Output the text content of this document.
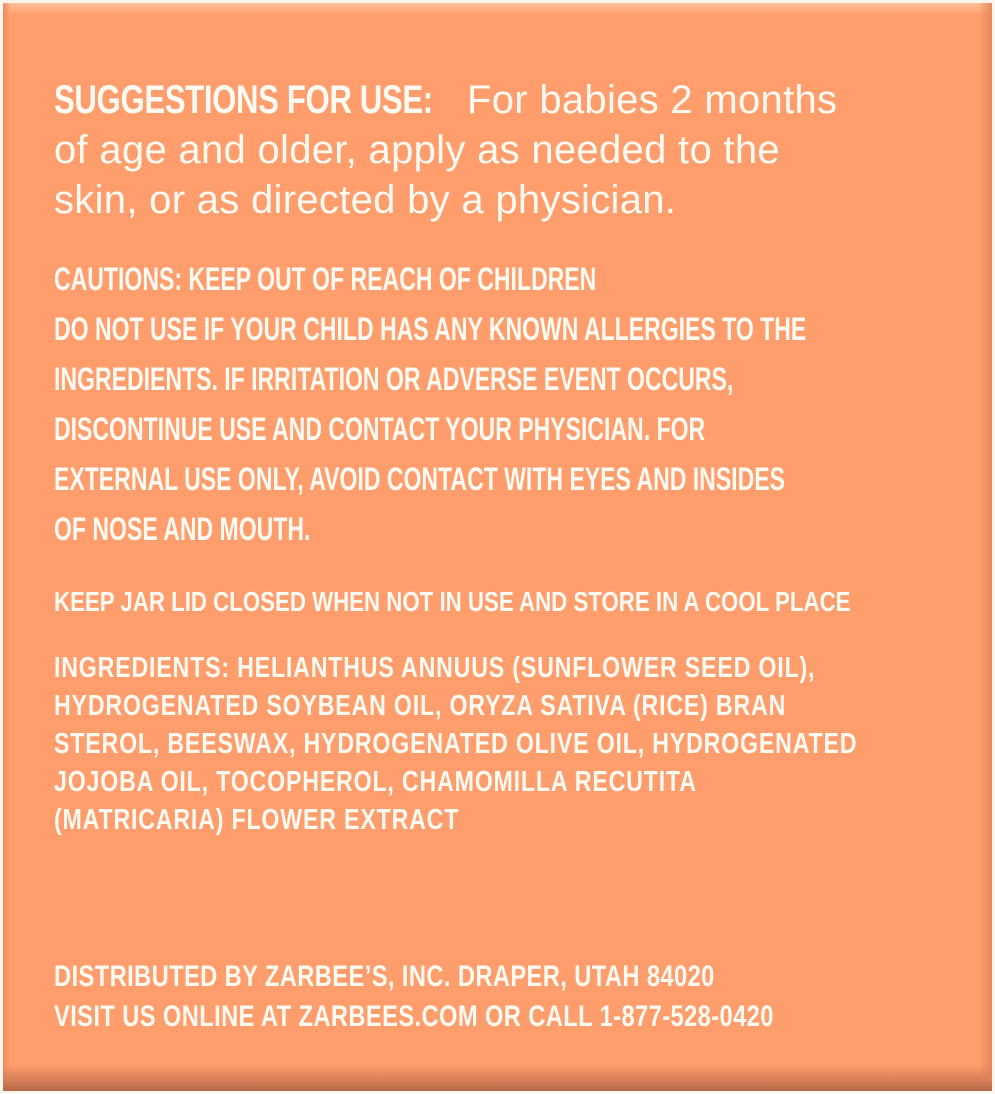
SUGGESTIONS FOR USE: For babies 2 months
of age and older, apply as needed to the
skin, or as directed by a physician.
CAUTIONS: KEEP OUT OF REACH OF CHILDREN
DO NOT USE IF YOUR CHILD HAS ANY KNOWN ALLERGIES TO THE
INGREDIENTS. IF IRRITATION OR ADVERSE EVENT OCCURS,
DISCONTINUE USE AND CONTACT YOUR PHYSICIAN. FOR
EXTERNAL USE ONLY, AVOID CONTACT WITH EYES AND INSIDES
OF NOSE AND MOUTH.
KEEP JAR LID CLOSED WHEN NOT IN USE AND STORE IN A COOL PLACE
INGREDIENTS: HELIANTHUS ANNUUS (SUNFLOWER SEED OIL),
HYDROGENATED SOYBEAN OIL, ORYZA SATIVA (RICE) BRAN
STEROL, BEESWAX, HYDROGENATED OLIVE OIL, HYDROGENATED
JOJOBA OIL, TOCOPHEROL, CHAMOMILLA RECUTITA
(MATRICARIA) FLOWER EXTRACT
DISTRIBUTED BY ZARBEE’S, INC. DRAPER, UTAH 84020
VISIT US ONLINE AT ZARBEES.COM OR CALL 1-877-528-0420
